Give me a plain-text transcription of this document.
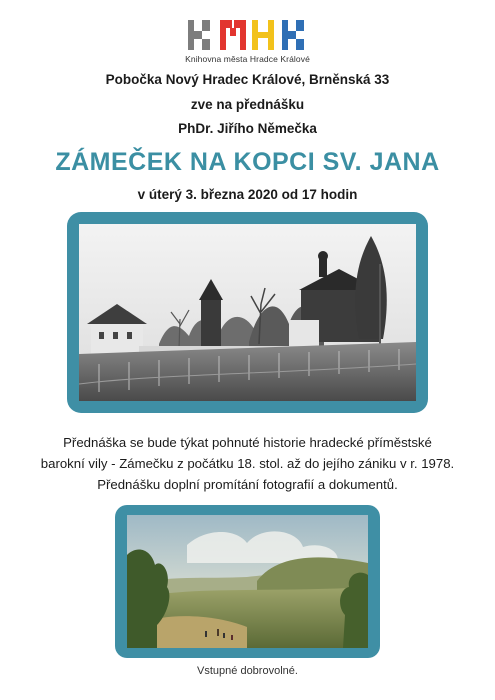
Knihovna města Hradce Králové
Pobočka Nový Hradec Králové, Brněnská 33
zve na přednášku
PhDr. Jiřího Němečka
ZÁMEČEK NA KOPCI SV. JANA
v úterý 3. března 2020 od 17 hodin
Přednáška se bude týkat pohnuté historie hradecké příměstské
barokní vily - Zámečku z počátku 18. stol. až do jejího zániku v r. 1978.
Přednášku doplní promítání fotografií a dokumentů.
Vstupné dobrovolné.
